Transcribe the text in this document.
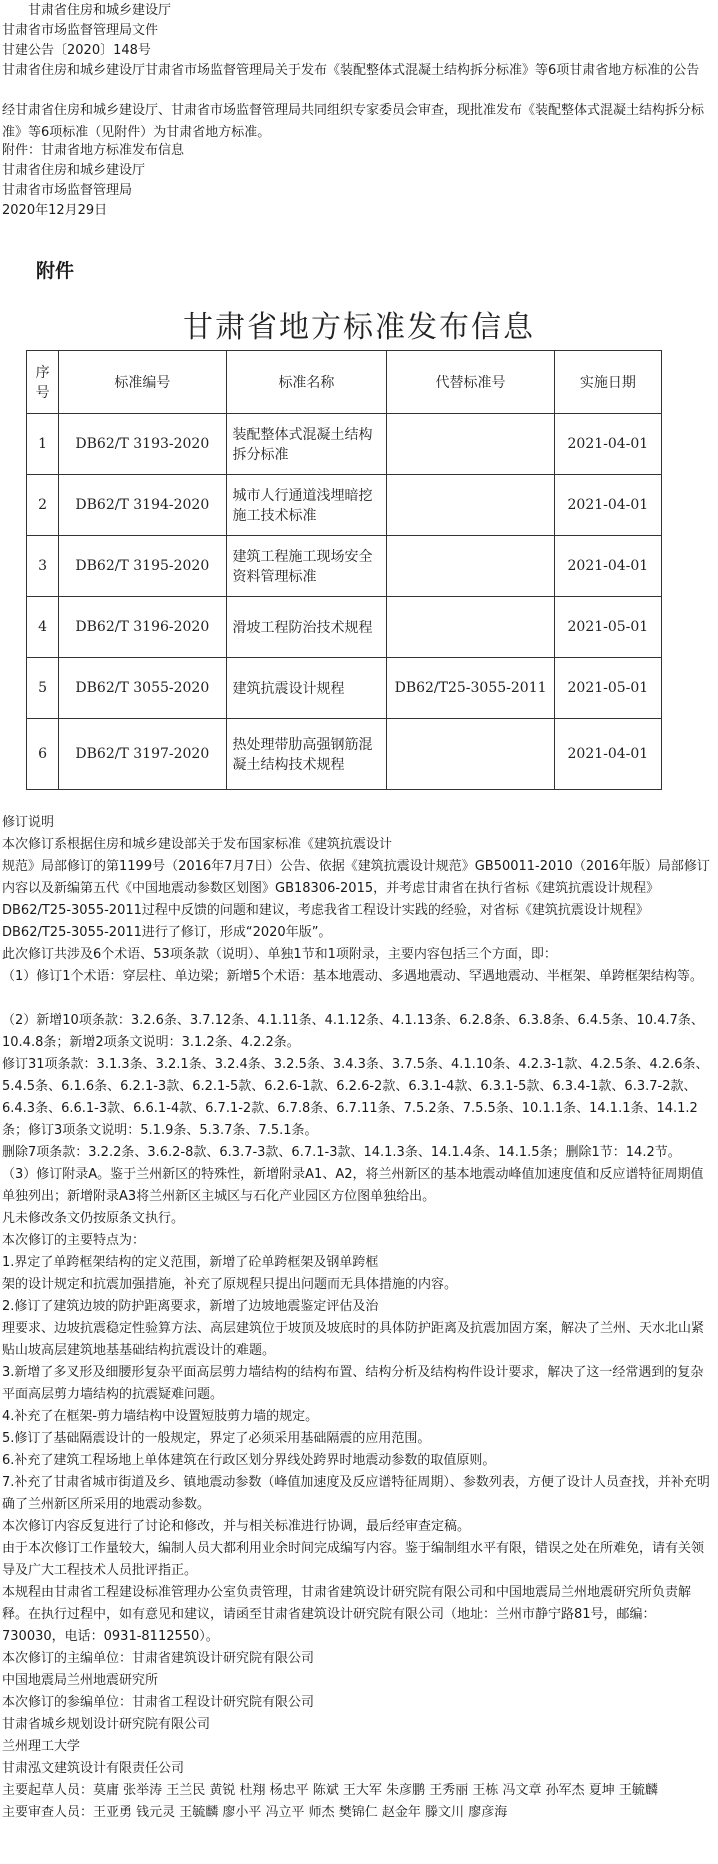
甘肃省住房和城乡建设厅
甘肃省市场监督管理局文件
甘建公告〔2020〕148号
甘肃省住房和城乡建设厅甘肃省市场监督管理局关于发布《装配整体式混凝土结构拆分标准》等6项甘肃省地方标准的公告
经甘肃省住房和城乡建设厅、甘肃省市场监督管理局共同组织专家委员会审查，现批准发布《装配整体式混凝土结构拆分标准》等6项标准（见附件）为甘肃省地方标准。
附件：甘肃省地方标准发布信息
甘肃省住房和城乡建设厅
甘肃省市场监督管理局
2020年12月29日
附件
甘肃省地方标准发布信息
序号	标准编号	标准名称	代替标准号	实施日期
1	DB62/T 3193-2020	装配整体式混凝土结构拆分标准		2021-04-01
2	DB62/T 3194-2020	城市人行通道浅埋暗挖施工技术标准		2021-04-01
3	DB62/T 3195-2020	建筑工程施工现场安全资料管理标准		2021-04-01
4	DB62/T 3196-2020	滑坡工程防治技术规程		2021-05-01
5	DB62/T 3055-2020	建筑抗震设计规程	DB62/T25-3055-2011	2021-05-01
6	DB62/T 3197-2020	热处理带肋高强钢筋混凝土结构技术规程		2021-04-01
修订说明
本次修订系根据住房和城乡建设部关于发布国家标准《建筑抗震设计
规范》局部修订的第1199号（2016年7月7日）公告、依据《建筑抗震设计规范》GB50011-2010（2016年版）局部修订内容以及新编第五代《中国地震动参数区划图》GB18306-2015，并考虑甘肃省在执行省标《建筑抗震设计规程》DB62/T25-3055-2011过程中反馈的问题和建议，考虑我省工程设计实践的经验，对省标《建筑抗震设计规程》DB62/T25-3055-2011进行了修订，形成“2020年版”。
此次修订共涉及6个术语、53项条款（说明）、单独1节和1项附录，主要内容包括三个方面，即：
（1）修订1个术语：穿层柱、单边梁；新增5个术语：基本地震动、多遇地震动、罕遇地震动、半框架、单跨框架结构等。
（2）新增10项条款：3.2.6条、3.7.12条、4.1.11条、4.1.12条、4.1.13条、6.2.8条、6.3.8条、6.4.5条、10.4.7条、10.4.8条；新增2项条文说明：3.1.2条、4.2.2条。
修订31项条款：3.1.3条、3.2.1条、3.2.4条、3.2.5条、3.4.3条、3.7.5条、4.1.10条、4.2.3-1款、4.2.5条、4.2.6条、5.4.5条、6.1.6条、6.2.1-3款、6.2.1-5款、6.2.6-1款、6.2.6-2款、6.3.1-4款、6.3.1-5款、6.3.4-1款、6.3.7-2款、6.4.3条、6.6.1-3款、6.6.1-4款、6.7.1-2款、6.7.8条、6.7.11条、7.5.2条、7.5.5条、10.1.1条、14.1.1条、14.1.2条；修订3项条文说明：5.1.9条、5.3.7条、7.5.1条。
删除7项条款：3.2.2条、3.6.2-8款、6.3.7-3款、6.7.1-3款、14.1.3条、14.1.4条、14.1.5条；删除1节：14.2节。
（3）修订附录A。鉴于兰州新区的特殊性，新增附录A1、A2，将兰州新区的基本地震动峰值加速度值和反应谱特征周期值单独列出；新增附录A3将兰州新区主城区与石化产业园区方位图单独给出。
凡未修改条文仍按原条文执行。
本次修订的主要特点为：
1.界定了单跨框架结构的定义范围，新增了砼单跨框架及钢单跨框
架的设计规定和抗震加强措施，补充了原规程只提出问题而无具体措施的内容。
2.修订了建筑边坡的防护距离要求，新增了边坡地震鉴定评估及治
理要求、边坡抗震稳定性验算方法、高层建筑位于坡顶及坡底时的具体防护距离及抗震加固方案，解决了兰州、天水北山紧贴山坡高层建筑地基基础结构抗震设计的难题。
3.新增了多叉形及细腰形复杂平面高层剪力墙结构的结构布置、结构分析及结构构件设计要求，解决了这一经常遇到的复杂平面高层剪力墙结构的抗震疑难问题。
4.补充了在框架-剪力墙结构中设置短肢剪力墙的规定。
5.修订了基础隔震设计的一般规定，界定了必须采用基础隔震的应用范围。
6.补充了建筑工程场地上单体建筑在行政区划分界线处跨界时地震动参数的取值原则。
7.补充了甘肃省城市街道及乡、镇地震动参数（峰值加速度及反应谱特征周期）、参数列表，方便了设计人员查找，并补充明确了兰州新区所采用的地震动参数。
本次修订内容反复进行了讨论和修改，并与相关标准进行协调，最后经审查定稿。
由于本次修订工作量较大，编制人员大都利用业余时间完成编写内容。鉴于编制组水平有限，错误之处在所难免，请有关领导及广大工程技术人员批评指正。
本规程由甘肃省工程建设标准管理办公室负责管理，甘肃省建筑设计研究院有限公司和中国地震局兰州地震研究所负责解释。在执行过程中，如有意见和建议，请函至甘肃省建筑设计研究院有限公司（地址：兰州市静宁路81号，邮编：730030，电话：0931-8112550）。
本次修订的主编单位：甘肃省建筑设计研究院有限公司
中国地震局兰州地震研究所
本次修订的参编单位：甘肃省工程设计研究院有限公司
甘肃省城乡规划设计研究院有限公司
兰州理工大学
甘肃泓文建筑设计有限责任公司
主要起草人员：莫庸 张举涛 王兰民 黄锐 杜翔 杨忠平 陈斌 王大军 朱彦鹏 王秀丽 王栋 冯文章 孙军杰 夏坤 王毓麟
主要审查人员：王亚勇 钱元灵 王毓麟 廖小平 冯立平 师杰 樊锦仁 赵金年 滕文川 廖彦海
